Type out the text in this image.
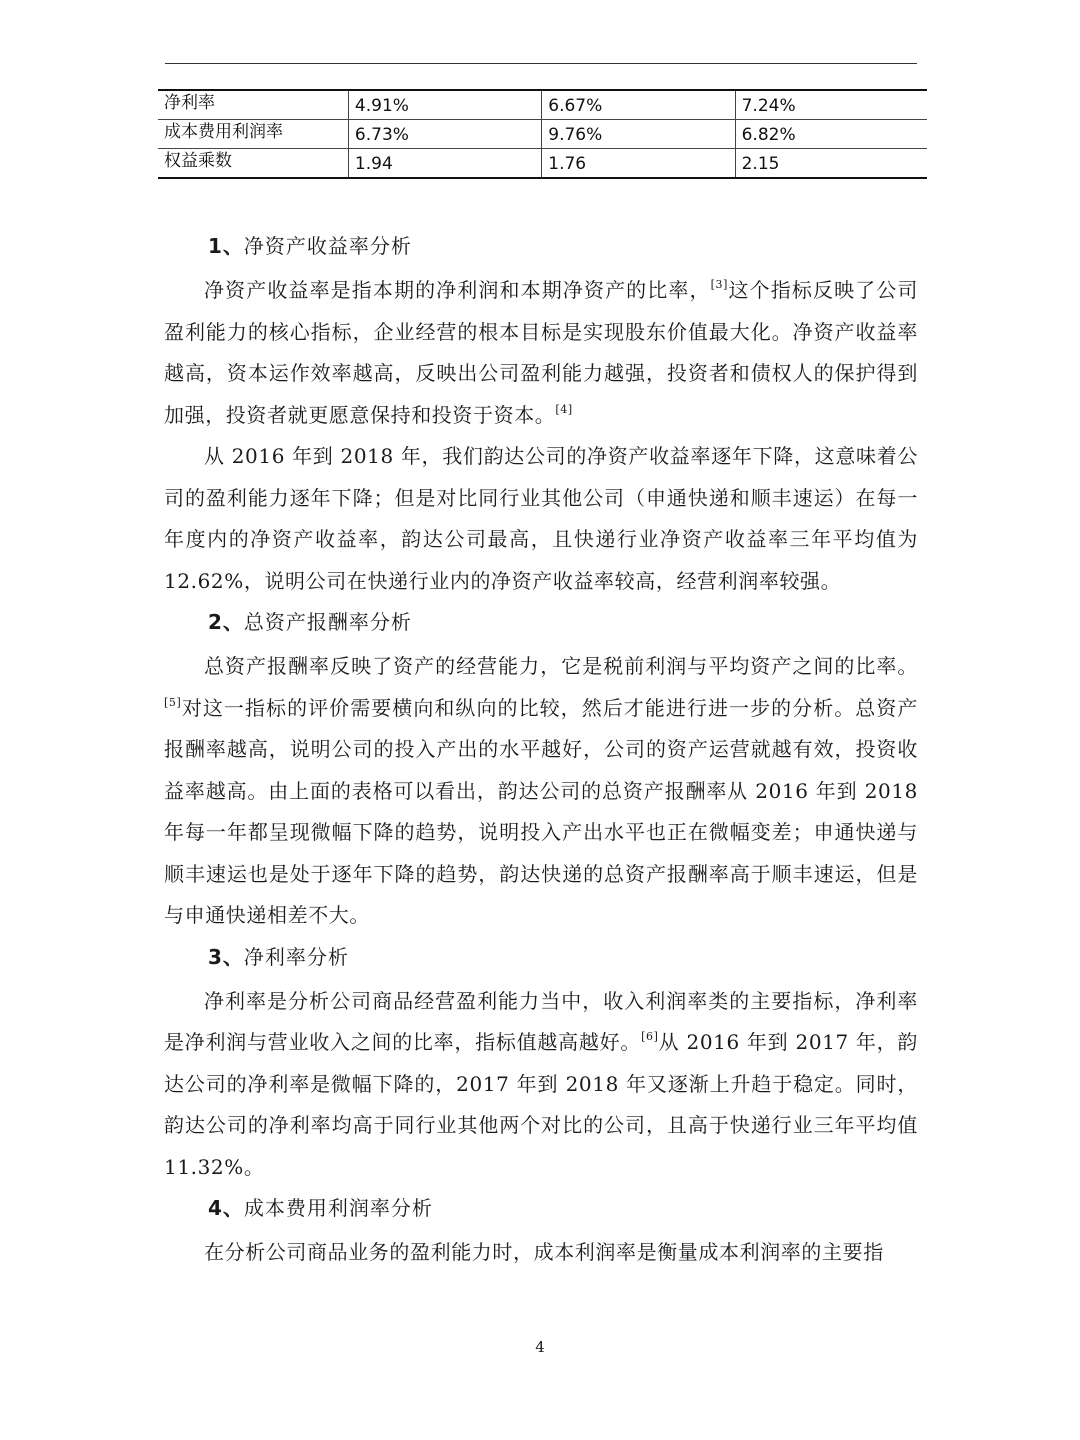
净利率	4.91%	6.67%	7.24%
成本费用利润率	6.73%	9.76%	6.82%
权益乘数	1.94	1.76	2.15
1、净资产收益率分析

净资产收益率是指本期的净利润和本期净资产的比率，[3]这个指标反映了公司盈利能力的核心指标，企业经营的根本目标是实现股东价值最大化。净资产收益率越高，资本运作效率越高，反映出公司盈利能力越强，投资者和债权人的保护得到加强，投资者就更愿意保持和投资于资本。[4]

从 2016 年到 2018 年，我们韵达公司的净资产收益率逐年下降，这意味着公司的盈利能力逐年下降；但是对比同行业其他公司（申通快递和顺丰速运）在每一年度内的净资产收益率，韵达公司最高，且快递行业净资产收益率三年平均值为 12.62%，说明公司在快递行业内的净资产收益率较高，经营利润率较强。

2、总资产报酬率分析

总资产报酬率反映了资产的经营能力，它是税前利润与平均资产之间的比率。[5]对这一指标的评价需要横向和纵向的比较，然后才能进行进一步的分析。总资产报酬率越高，说明公司的投入产出的水平越好，公司的资产运营就越有效，投资收益率越高。由上面的表格可以看出，韵达公司的总资产报酬率从 2016 年到 2018 年每一年都呈现微幅下降的趋势，说明投入产出水平也正在微幅变差；申通快递与顺丰速运也是处于逐年下降的趋势，韵达快递的总资产报酬率高于顺丰速运，但是与申通快递相差不大。

3、净利率分析

净利率是分析公司商品经营盈利能力当中，收入利润率类的主要指标，净利率是净利润与营业收入之间的比率，指标值越高越好。[6]从 2016 年到 2017 年，韵达公司的净利率是微幅下降的，2017 年到 2018 年又逐渐上升趋于稳定。同时，韵达公司的净利率均高于同行业其他两个对比的公司，且高于快递行业三年平均值 11.32%。

4、成本费用利润率分析

在分析公司商品业务的盈利能力时，成本利润率是衡量成本利润率的主要指

4
